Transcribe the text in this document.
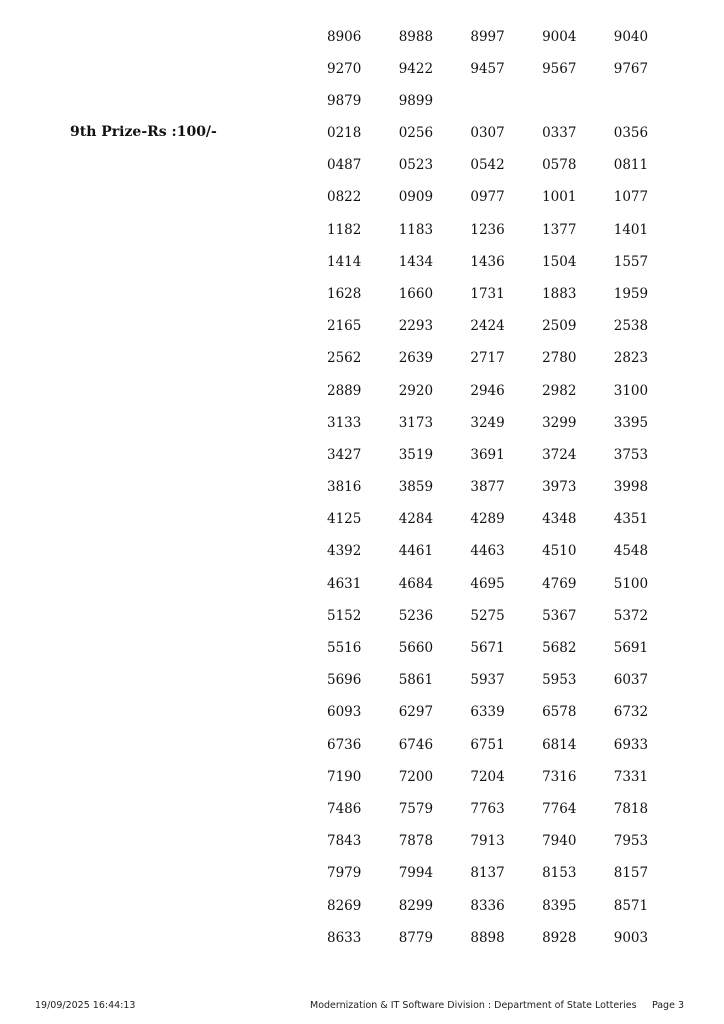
8906	8988	8997	9004	9040
9270	9422	9457	9567	9767
9879	9899
9th Prize-Rs :100/-	0218	0256	0307	0337	0356
0487	0523	0542	0578	0811
0822	0909	0977	1001	1077
1182	1183	1236	1377	1401
1414	1434	1436	1504	1557
1628	1660	1731	1883	1959
2165	2293	2424	2509	2538
2562	2639	2717	2780	2823
2889	2920	2946	2982	3100
3133	3173	3249	3299	3395
3427	3519	3691	3724	3753
3816	3859	3877	3973	3998
4125	4284	4289	4348	4351
4392	4461	4463	4510	4548
4631	4684	4695	4769	5100
5152	5236	5275	5367	5372
5516	5660	5671	5682	5691
5696	5861	5937	5953	6037
6093	6297	6339	6578	6732
6736	6746	6751	6814	6933
7190	7200	7204	7316	7331
7486	7579	7763	7764	7818
7843	7878	7913	7940	7953
7979	7994	8137	8153	8157
8269	8299	8336	8395	8571
8633	8779	8898	8928	9003
19/09/2025 16:44:13	Modernization & IT Software Division : Department of State Lotteries Page 3
